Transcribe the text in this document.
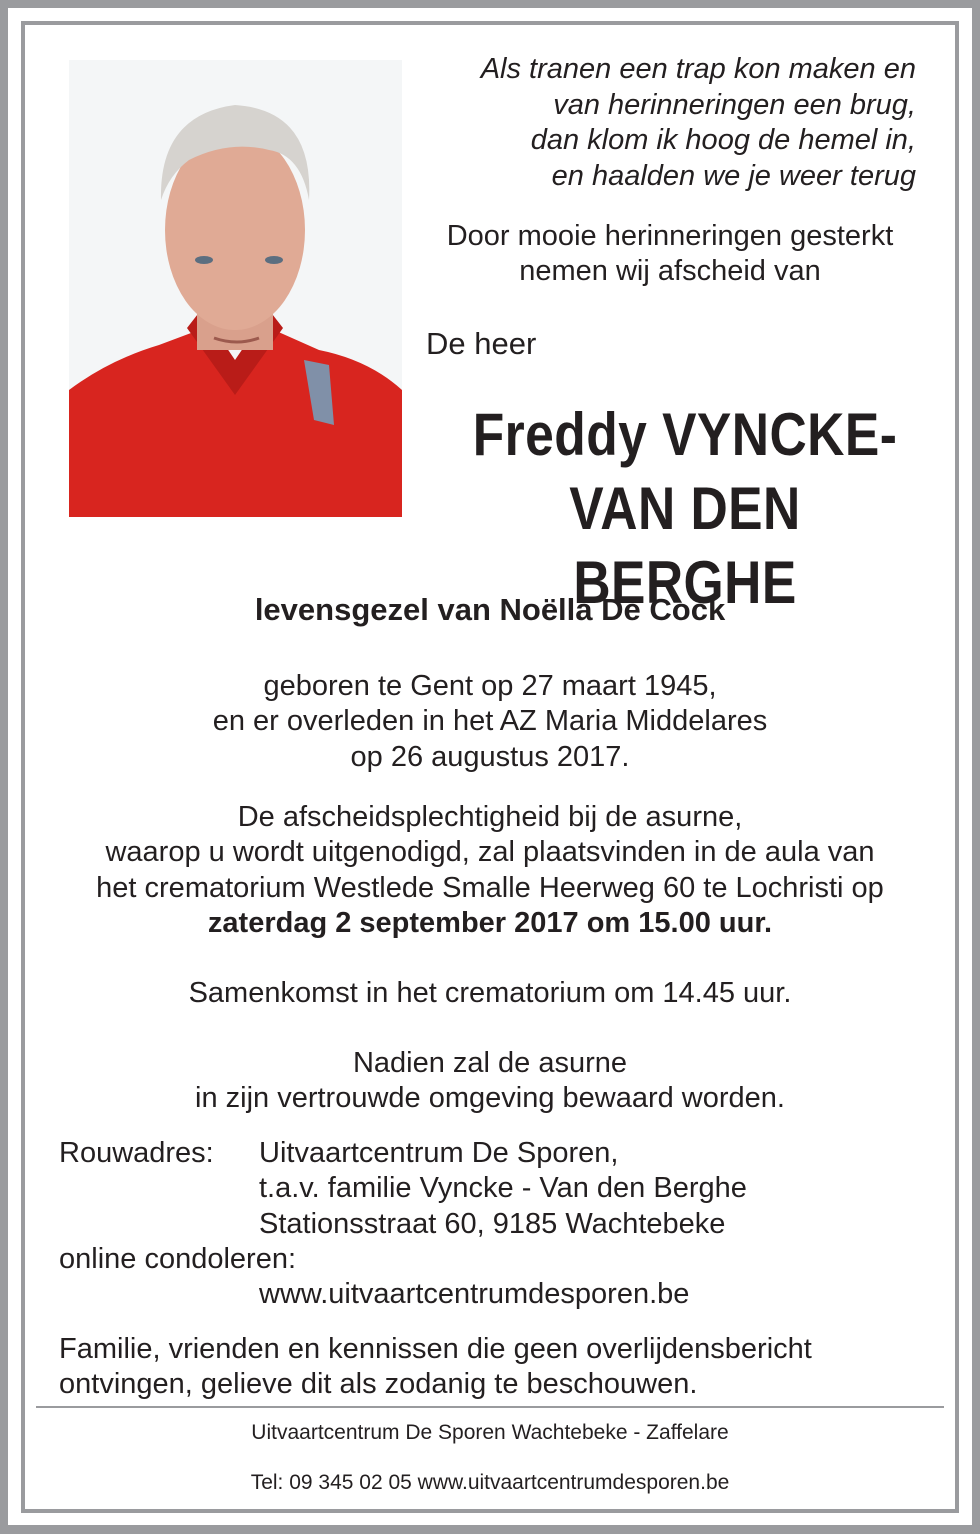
Als tranen een trap kon maken en
van herinneringen een brug,
dan klom ik hoog de hemel in,
en haalden we je weer terug
Door mooie herinneringen gesterkt
nemen wij afscheid van
De heer
Freddy VYNCKE-
VAN DEN BERGHE
levensgezel van Noëlla De Cock
geboren te Gent op 27 maart 1945,
en er overleden in het AZ Maria Middelares
op 26 augustus 2017.
De afscheidsplechtigheid bij de asurne,
waarop u wordt uitgenodigd, zal plaatsvinden in de aula van
het crematorium Westlede Smalle Heerweg 60 te Lochristi op
zaterdag 2 september 2017 om 15.00 uur.
Samenkomst in het crematorium om 14.45 uur.
Nadien zal de asurne
in zijn vertrouwde omgeving bewaard worden.
Rouwadres:	Uitvaartcentrum De Sporen,
t.a.v. familie Vyncke - Van den Berghe
Stationsstraat 60, 9185 Wachtebeke
online condoleren:
www.uitvaartcentrumdesporen.be
Familie, vrienden en kennissen die geen overlijdensbericht
ontvingen, gelieve dit als zodanig te beschouwen.
Uitvaartcentrum De Sporen Wachtebeke - Zaffelare
Tel: 09 345 02 05 www.uitvaartcentrumdesporen.be
